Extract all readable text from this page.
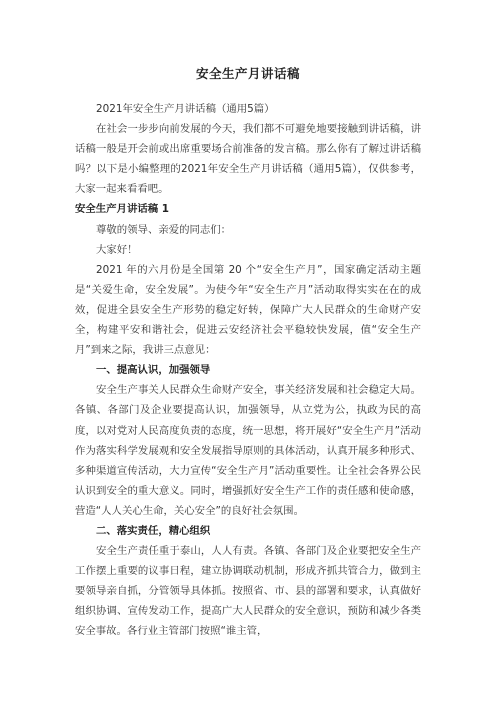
安全生产月讲话稿

2021年安全生产月讲话稿（通用5篇）

在社会一步步向前发展的今天，我们都不可避免地要接触到讲话稿，讲话稿一般是开会前或出席重要场合前准备的发言稿。那么你有了解过讲话稿吗？以下是小编整理的2021年安全生产月讲话稿（通用5篇），仅供参考，大家一起来看看吧。

安全生产月讲话稿 1

尊敬的领导、亲爱的同志们：

大家好！

2021 年的六月份是全国第 20 个“安全生产月”，国家确定活动主题是“关爱生命，安全发展”。为使今年“安全生产月”活动取得实实在在的成效，促进全县安全生产形势的稳定好转，保障广大人民群众的生命财产安全，构建平安和谐社会，促进云安经济社会平稳较快发展，值“安全生产月”到来之际，我讲三点意见：

一、提高认识，加强领导

安全生产事关人民群众生命财产安全，事关经济发展和社会稳定大局。各镇、各部门及企业要提高认识，加强领导，从立党为公，执政为民的高度，以对党对人民高度负责的态度，统一思想，将开展好“安全生产月”活动作为落实科学发展观和安全发展指导原则的具体活动，认真开展多种形式、多种渠道宣传活动，大力宣传“安全生产月”活动重要性。让全社会各界公民认识到安全的重大意义。同时，增强抓好安全生产工作的责任感和使命感，营造“人人关心生命，关心安全”的良好社会氛围。

二、落实责任，精心组织

安全生产责任重于泰山，人人有责。各镇、各部门及企业要把安全生产工作摆上重要的议事日程，建立协调联动机制，形成齐抓共管合力，做到主要领导亲自抓，分管领导具体抓。按照省、市、县的部署和要求，认真做好组织协调、宣传发动工作，提高广大人民群众的安全意识，预防和减少各类安全事故。各行业主管部门按照“谁主管，
